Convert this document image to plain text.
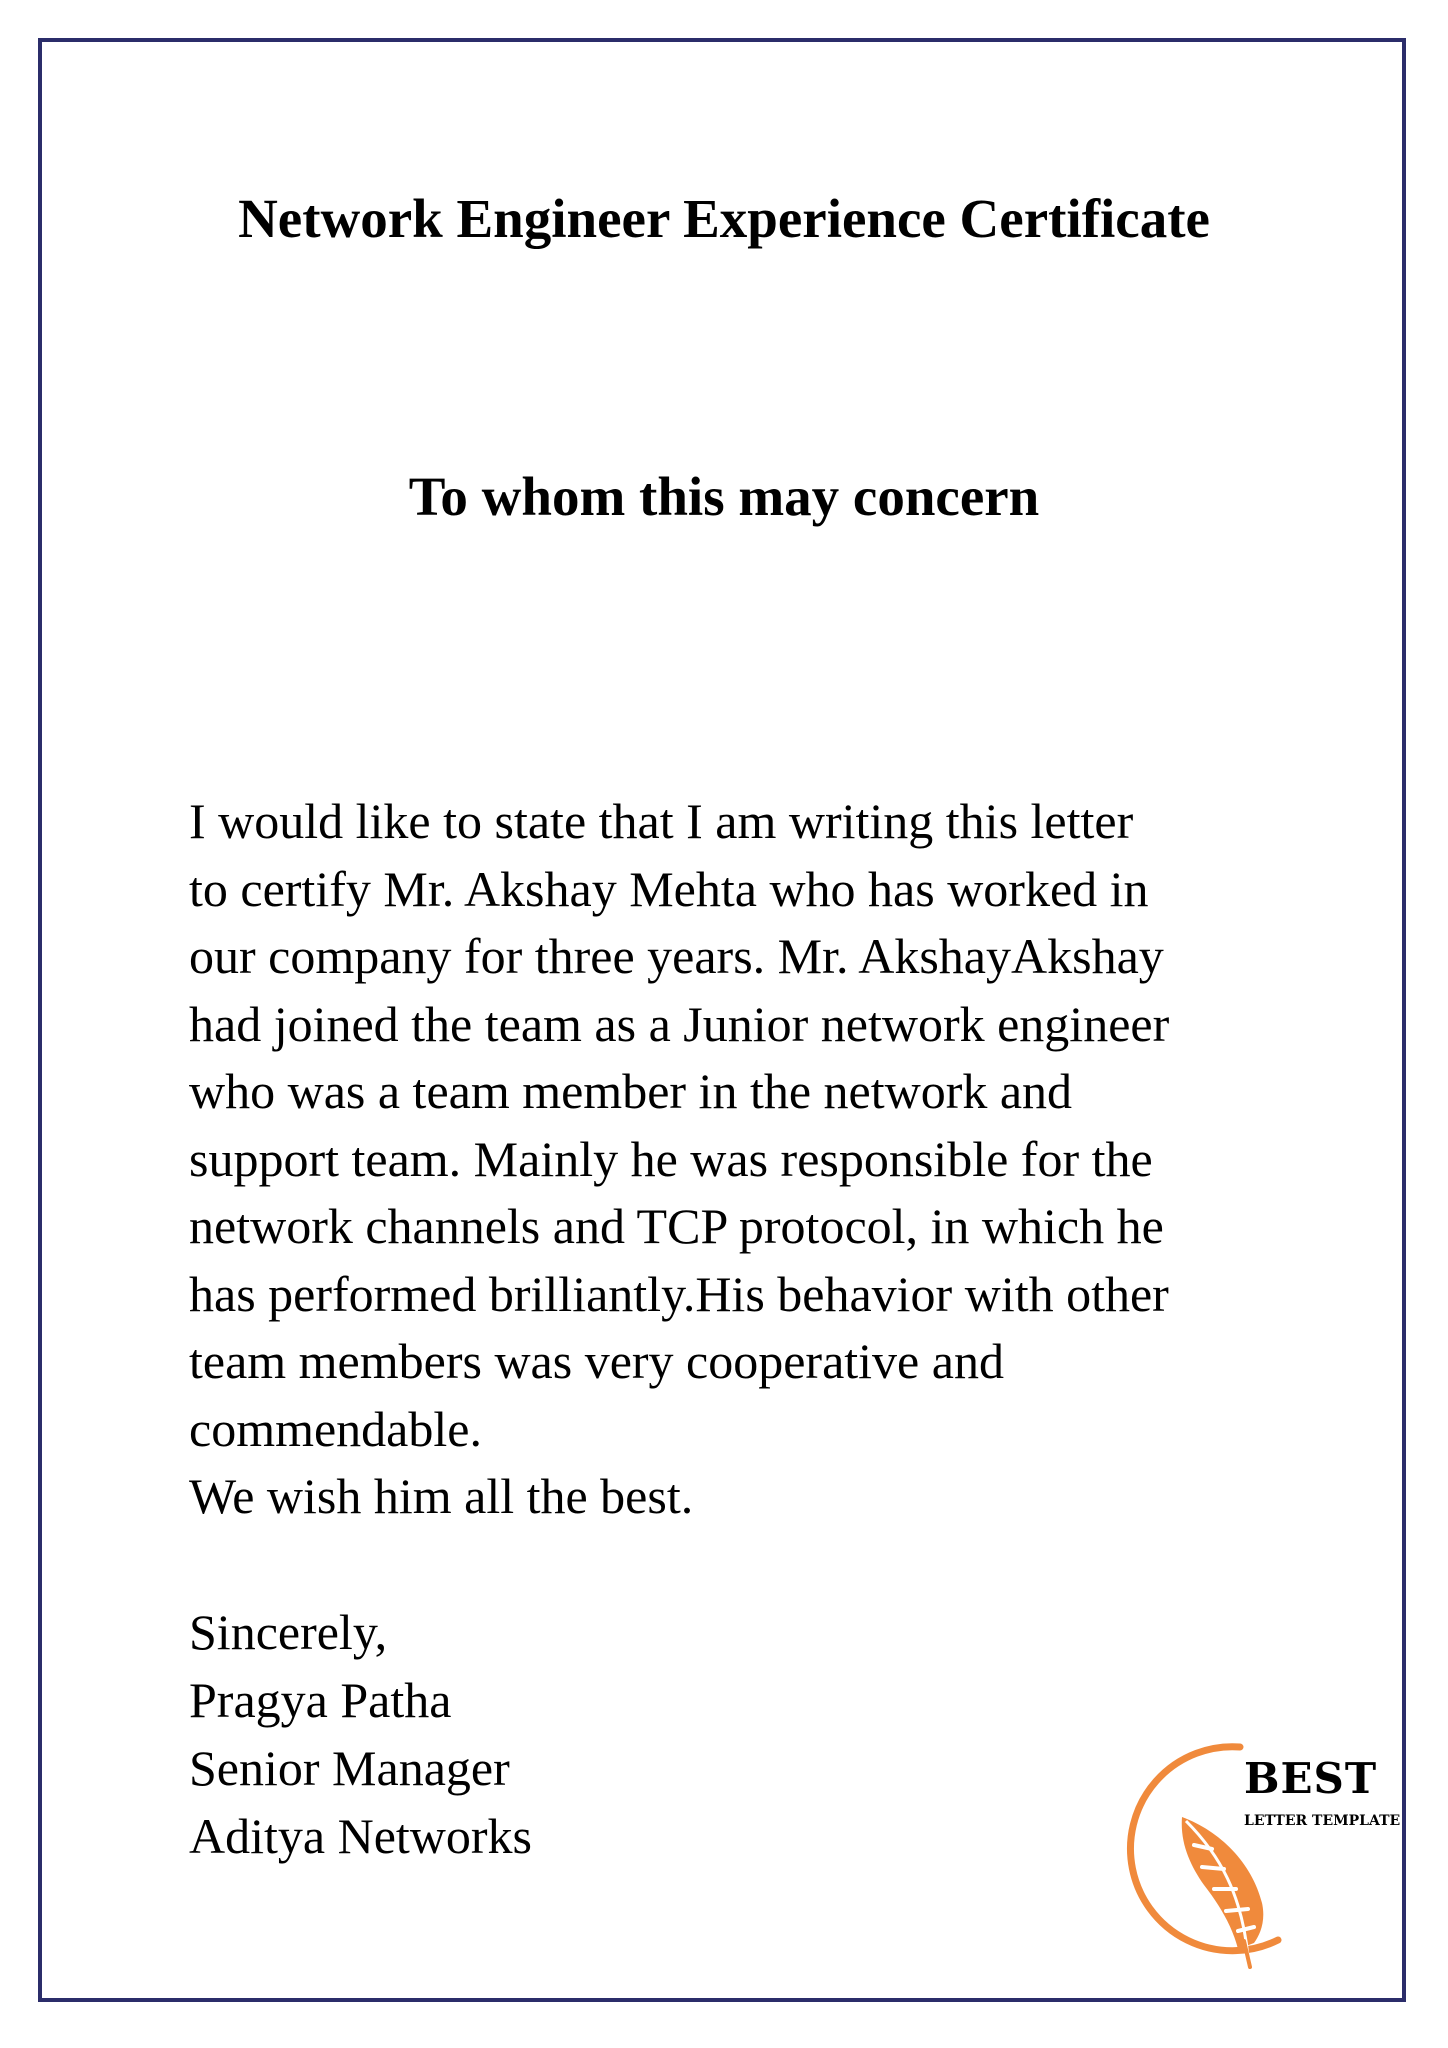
Network Engineer Experience Certificate
To whom this may concern
I would like to state that I am writing this letter
to certify Mr. Akshay Mehta who has worked in
our company for three years. Mr. AkshayAkshay
had joined the team as a Junior network engineer
who was a team member in the network and
support team. Mainly he was responsible for the
network channels and TCP protocol, in which he
has performed brilliantly.His behavior with other
team members was very cooperative and
commendable.
We wish him all the best.
Sincerely,
Pragya Patha
Senior Manager
Aditya Networks
BEST
LETTER TEMPLATE
